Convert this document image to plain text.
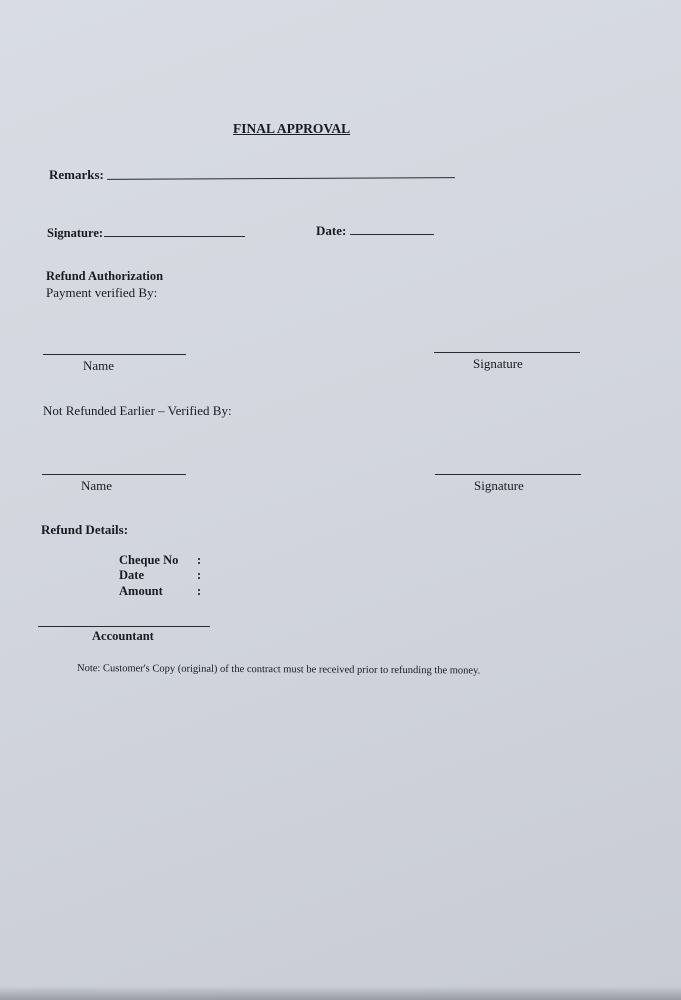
FINAL APPROVAL
Remarks:
Signature:	Date:
Refund Authorization
Payment verified By:
Name	Signature
Not Refunded Earlier – Verified By:
Name	Signature
Refund Details:
Cheque No :
Date	:
Amount	:
Accountant
Note: Customer's Copy (original) of the contract must be received prior to refunding the money.
